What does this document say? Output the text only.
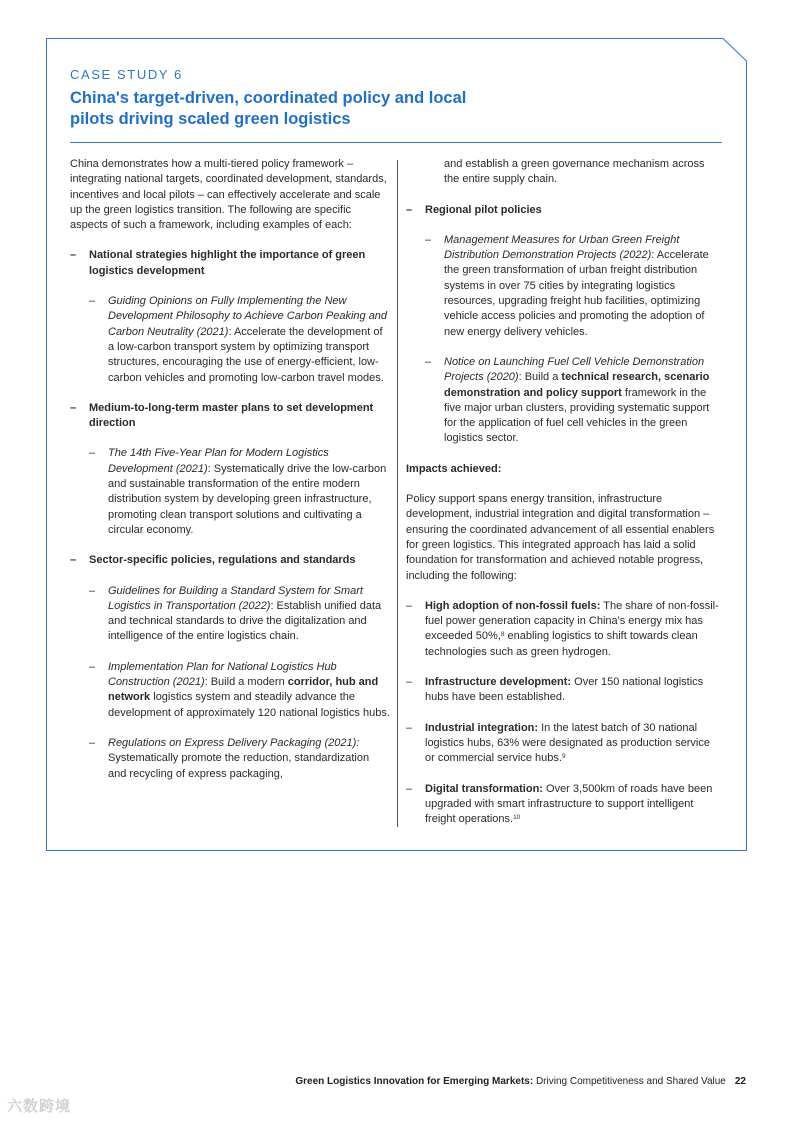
CASE STUDY 6
China's target-driven, coordinated policy and local pilots driving scaled green logistics

China demonstrates how a multi-tiered policy framework – integrating national targets, coordinated development, standards, incentives and local pilots – can effectively accelerate and scale up the green logistics transition. The following are specific aspects of such a framework, including examples of each:

– National strategies highlight the importance of green logistics development
– Guiding Opinions on Fully Implementing the New Development Philosophy to Achieve Carbon Peaking and Carbon Neutrality (2021): Accelerate the development of a low-carbon transport system by optimizing transport structures, encouraging the use of energy-efficient, low-carbon vehicles and promoting low-carbon travel modes.
– Medium-to-long-term master plans to set development direction
– The 14th Five-Year Plan for Modern Logistics Development (2021): Systematically drive the low-carbon and sustainable transformation of the entire modern distribution system by developing green infrastructure, promoting clean transport solutions and cultivating a circular economy.
– Sector-specific policies, regulations and standards
– Guidelines for Building a Standard System for Smart Logistics in Transportation (2022): Establish unified data and technical standards to drive the digitalization and intelligence of the entire logistics chain.
– Implementation Plan for National Logistics Hub Construction (2021): Build a modern corridor, hub and network logistics system and steadily advance the development of approximately 120 national logistics hubs.
– Regulations on Express Delivery Packaging (2021): Systematically promote the reduction, standardization and recycling of express packaging,
and establish a green governance mechanism across the entire supply chain.
– Regional pilot policies
– Management Measures for Urban Green Freight Distribution Demonstration Projects (2022): Accelerate the green transformation of urban freight distribution systems in over 75 cities by integrating logistics resources, upgrading freight hub facilities, optimizing vehicle access policies and promoting the adoption of new energy delivery vehicles.
– Notice on Launching Fuel Cell Vehicle Demonstration Projects (2020): Build a technical research, scenario demonstration and policy support framework in the five major urban clusters, providing systematic support for the application of fuel cell vehicles in the green logistics sector.

Impacts achieved:

Policy support spans energy transition, infrastructure development, industrial integration and digital transformation – ensuring the coordinated advancement of all essential enablers for green logistics. This integrated approach has laid a solid foundation for transformation and achieved notable progress, including the following:

– High adoption of non-fossil fuels: The share of non-fossil-fuel power generation capacity in China's energy mix has exceeded 50%,$^8$ enabling logistics to shift towards clean technologies such as green hydrogen.
– Infrastructure development: Over 150 national logistics hubs have been established.
– Industrial integration: In the latest batch of 30 national logistics hubs, 63% were designated as production service or commercial service hubs.$^9$
– Digital transformation: Over 3,500km of roads have been upgraded with smart infrastructure to support intelligent freight operations.$^{10}$
Green Logistics Innovation for Emerging Markets: Driving Competitiveness and Shared Value 22
六数跨境
